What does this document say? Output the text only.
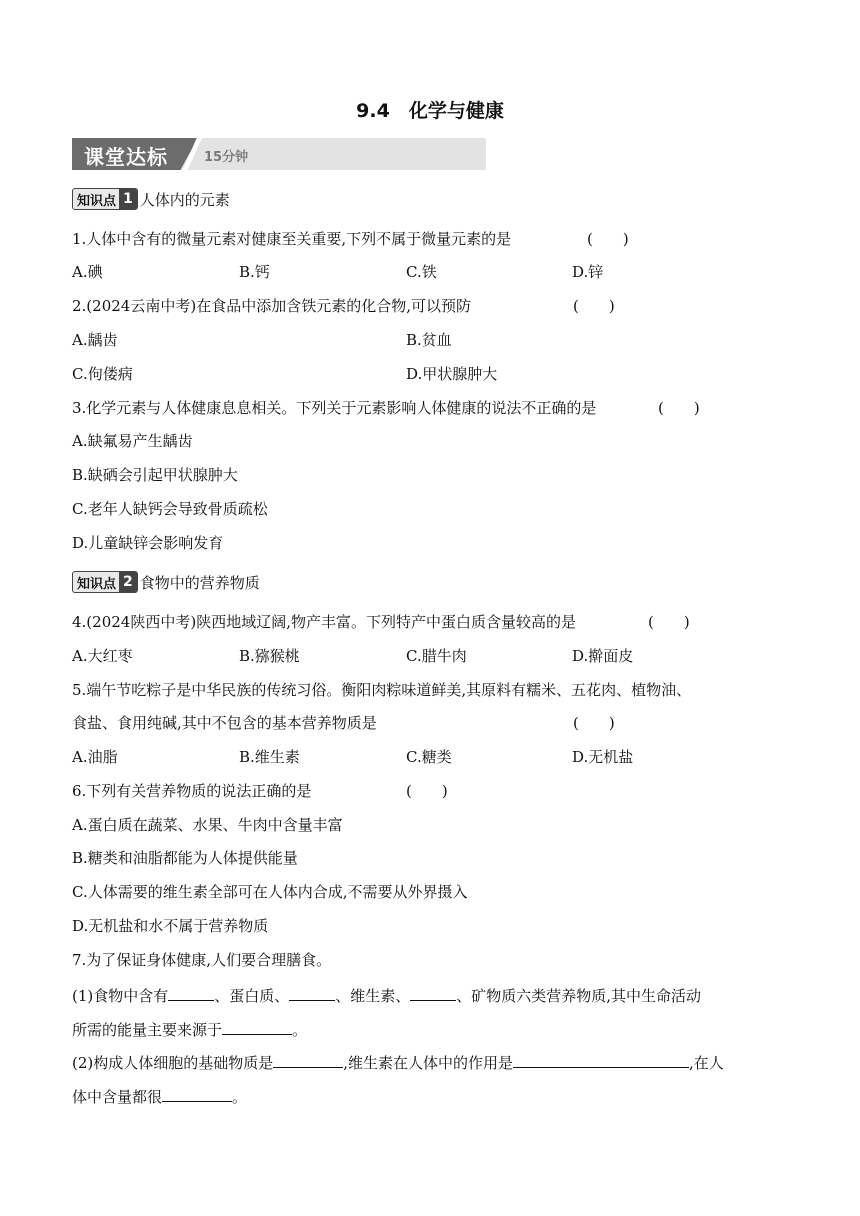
9.4　化学与健康
课堂达标	15分钟
知识点 1 人体内的元素
1.人体中含有的微量元素对健康至关重要,下列不属于微量元素的是	(　　)
A.碘	B.钙	C.铁	D.锌
2.(2024云南中考)在食品中添加含铁元素的化合物,可以预防	(　　)
A.龋齿	B.贫血
C.佝偻病	D.甲状腺肿大
3.化学元素与人体健康息息相关。下列关于元素影响人体健康的说法不正确的是	(　　)
A.缺氟易产生龋齿
B.缺硒会引起甲状腺肿大
C.老年人缺钙会导致骨质疏松
D.儿童缺锌会影响发育
知识点 2 食物中的营养物质
4.(2024陕西中考)陕西地域辽阔,物产丰富。下列特产中蛋白质含量较高的是	(　　)
A.大红枣	B.猕猴桃	C.腊牛肉	D.擀面皮
5.端午节吃粽子是中华民族的传统习俗。衡阳肉粽味道鲜美,其原料有糯米、五花肉、植物油、
食盐、食用纯碱,其中不包含的基本营养物质是	(　　)
A.油脂	B.维生素	C.糖类	D.无机盐
6.下列有关营养物质的说法正确的是	(　　)
A.蛋白质在蔬菜、水果、牛肉中含量丰富
B.糖类和油脂都能为人体提供能量
C.人体需要的维生素全部可在人体内合成,不需要从外界摄入
D.无机盐和水不属于营养物质
7.为了保证身体健康,人们要合理膳食。
(1)食物中含有	、蛋白质、	、维生素、	、矿物质六类营养物质,其中生命活动
所需的能量主要来源于	。
(2)构成人体细胞的基础物质是	,维生素在人体中的作用是	,在人
体中含量都很	。
